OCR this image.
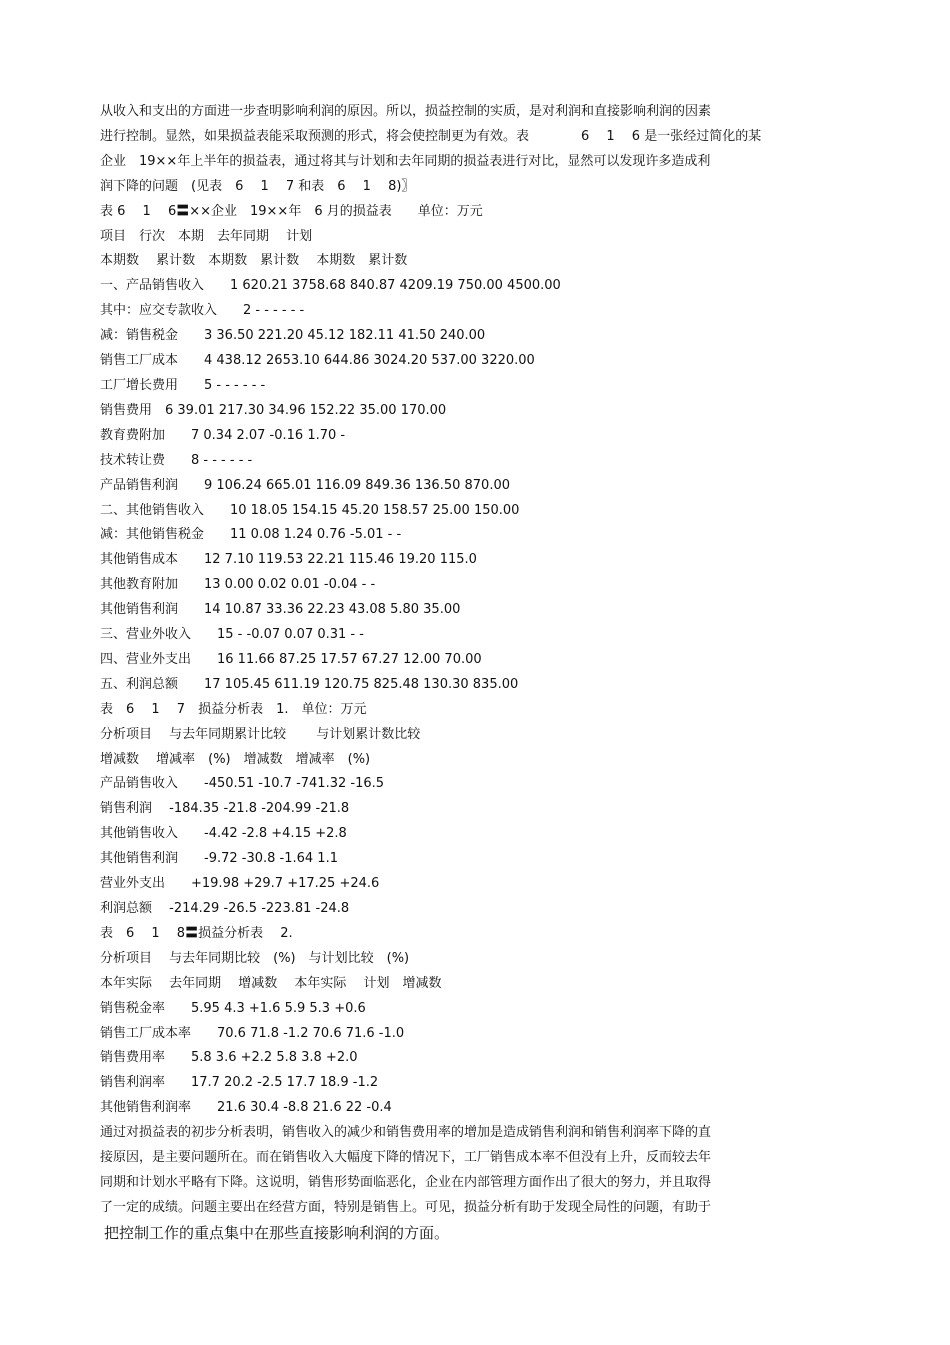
从收入和支出的方面进一步查明影响利润的原因。所以，损益控制的实质，是对利润和直接影响利润的因素
进行控制。显然，如果损益表能采取预测的形式，将会使控制更为有效。表　　　　6　 1　 6 是一张经过简化的某
企业　19××年上半年的损益表，通过将其与计划和去年同期的损益表进行对比，显然可以发现许多造成利
润下降的问题　(见表　6　 1　 7 和表　6　 1　 8)〗
表 6　 1　 6〓××企业　19××年　6 月的损益表　　单位：万元
项目　行次　本期　去年同期　 计划
本期数　 累计数　本期数　累计数　 本期数　累计数
一、产品销售收入　　1 620.21 3758.68 840.87 4209.19 750.00 4500.00
其中：应交专款收入　　2 - - - - - -
减：销售税金　　3 36.50 221.20 45.12 182.11 41.50 240.00
销售工厂成本　　4 438.12 2653.10 644.86 3024.20 537.00 3220.00
工厂增长费用　　5 - - - - - -
销售费用　6 39.01 217.30 34.96 152.22 35.00 170.00
教育费附加　　7 0.34 2.07 -0.16 1.70 -
技术转让费　　8 - - - - - -
产品销售利润　　9 106.24 665.01 116.09 849.36 136.50 870.00
二、其他销售收入　　10 18.05 154.15 45.20 158.57 25.00 150.00
减：其他销售税金　　11 0.08 1.24 0.76 -5.01 - -
其他销售成本　　12 7.10 119.53 22.21 115.46 19.20 115.0
其他教育附加　　13 0.00 0.02 0.01 -0.04 - -
其他销售利润　　14 10.87 33.36 22.23 43.08 5.80 35.00
三、营业外收入　　15 - -0.07 0.07 0.31 - -
四、营业外支出　　16 11.66 87.25 17.57 67.27 12.00 70.00
五、利润总额　　17 105.45 611.19 120.75 825.48 130.30 835.00
表　6　 1　 7　损益分析表　1.　单位：万元
分析项目　 与去年同期累计比较　　 与计划累计数比较
增减数　 增减率　(%)　增减数　增减率　(%)
产品销售收入　　-450.51 -10.7 -741.32 -16.5
销售利润　 -184.35 -21.8 -204.99 -21.8
其他销售收入　　-4.42 -2.8 +4.15 +2.8
其他销售利润　　-9.72 -30.8 -1.64 1.1
营业外支出　　+19.98 +29.7 +17.25 +24.6
利润总额　 -214.29 -26.5 -223.81 -24.8
表　6　 1　 8〓损益分析表　 2.
分析项目　 与去年同期比较　(%)　与计划比较　(%)
本年实际　 去年同期　 增减数　 本年实际　 计划　增减数
销售税金率　　5.95 4.3 +1.6 5.9 5.3 +0.6
销售工厂成本率　　70.6 71.8 -1.2 70.6 71.6 -1.0
销售费用率　　5.8 3.6 +2.2 5.8 3.8 +2.0
销售利润率　　17.7 20.2 -2.5 17.7 18.9 -1.2
其他销售利润率　　21.6 30.4 -8.8 21.6 22 -0.4
通过对损益表的初步分析表明，销售收入的减少和销售费用率的增加是造成销售利润和销售利润率下降的直
接原因，是主要问题所在。而在销售收入大幅度下降的情况下，工厂销售成本率不但没有上升，反而较去年
同期和计划水平略有下降。这说明，销售形势面临恶化，企业在内部管理方面作出了很大的努力，并且取得
了一定的成绩。问题主要出在经营方面，特别是销售上。可见，损益分析有助于发现全局性的问题，有助于
把控制工作的重点集中在那些直接影响利润的方面。
